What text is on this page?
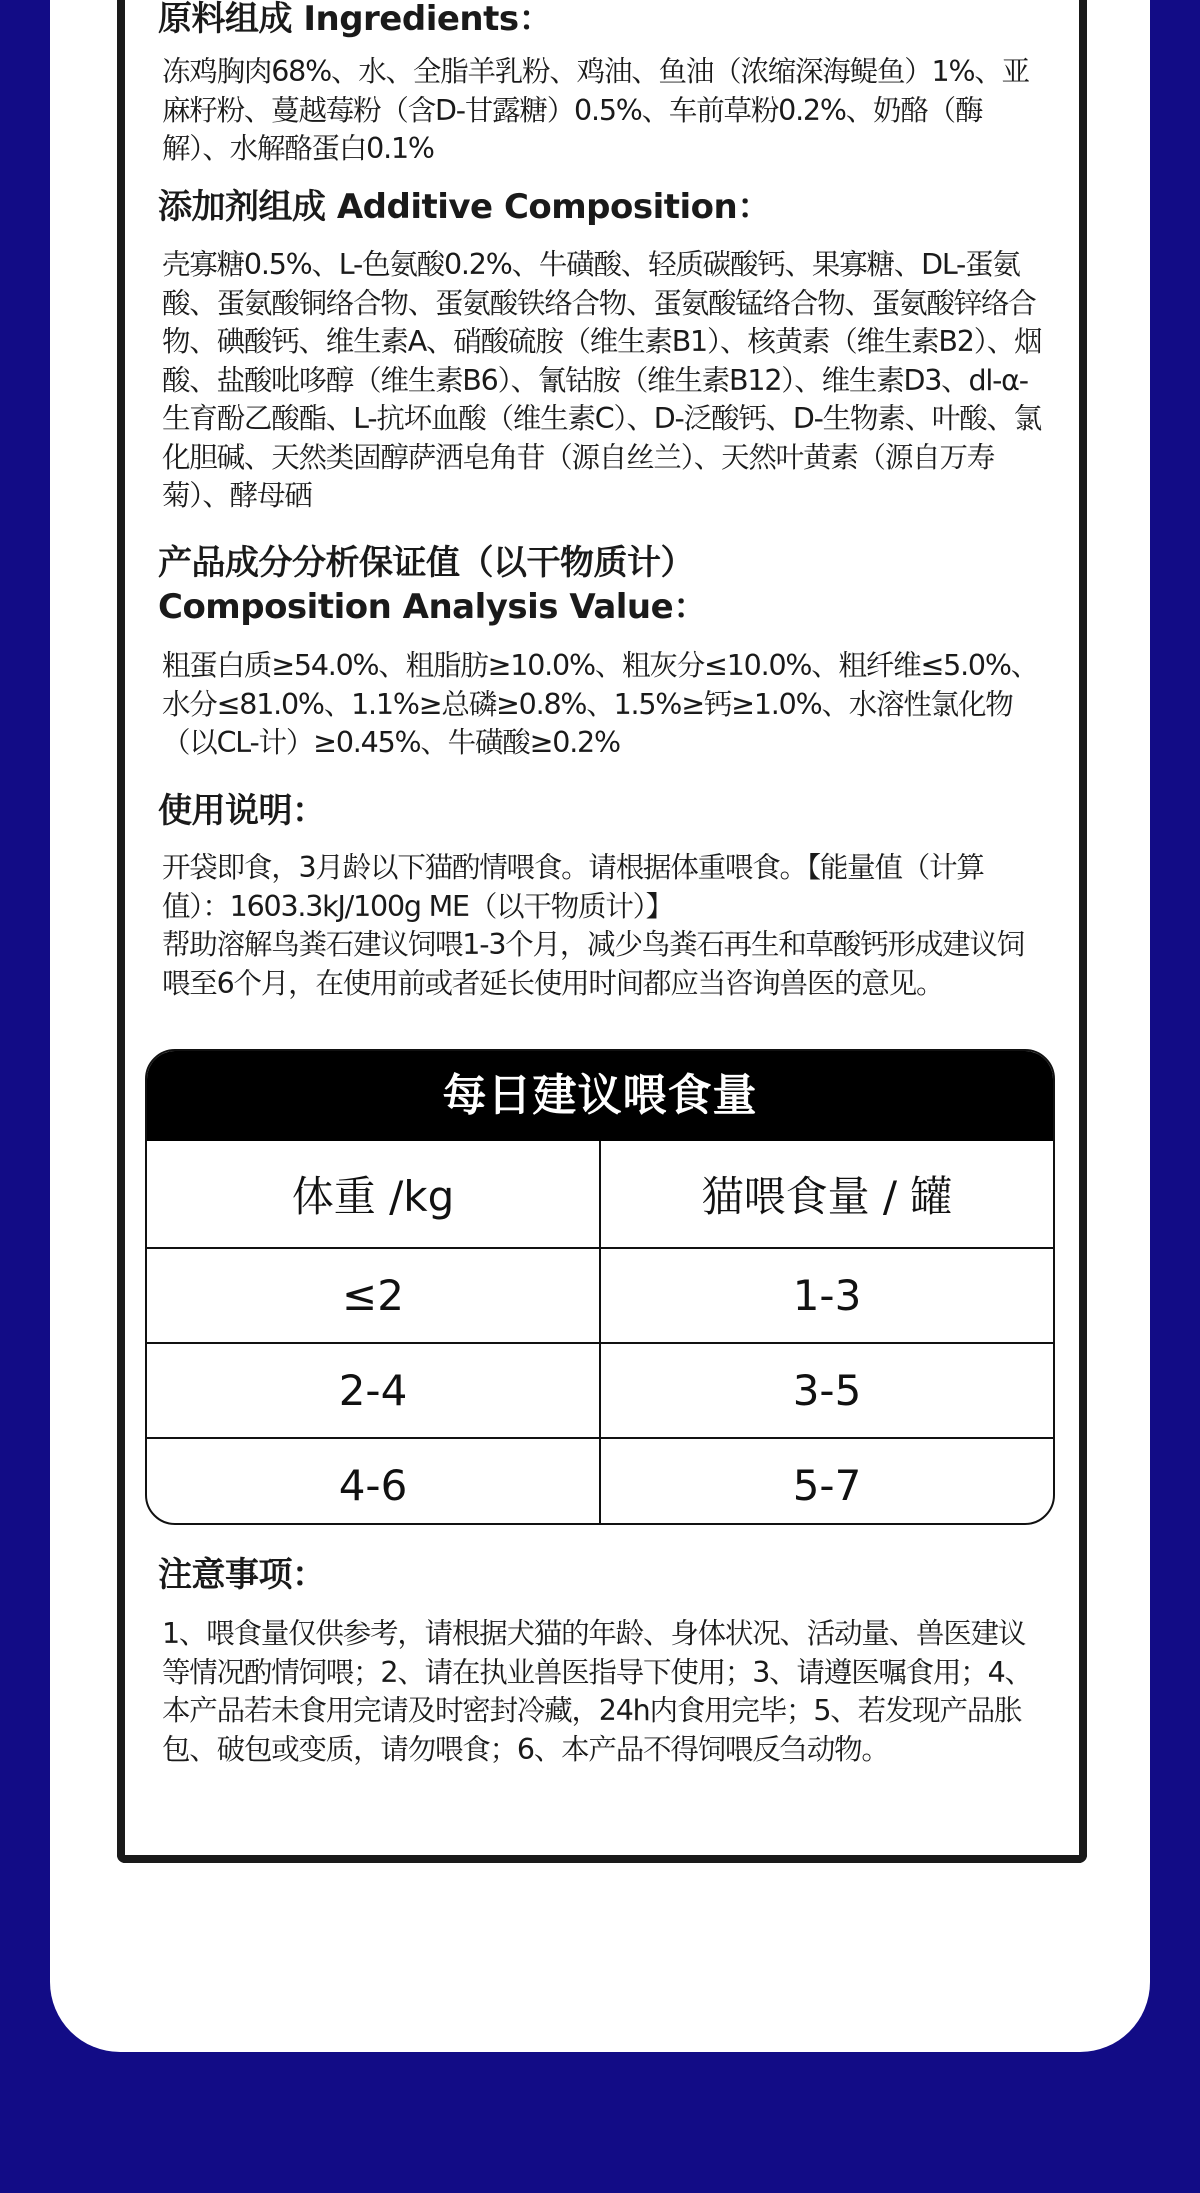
原料组成 Ingredients：

冻鸡胸肉68%、水、全脂羊乳粉、鸡油、鱼油（浓缩深海鳀鱼）1%、亚麻籽粉、蔓越莓粉（含D-甘露糖）0.5%、车前草粉0.2%、奶酪（酶解）、水解酪蛋白0.1%

添加剂组成 Additive Composition：

壳寡糖0.5%、L-色氨酸0.2%、牛磺酸、轻质碳酸钙、果寡糖、DL-蛋氨酸、蛋氨酸铜络合物、蛋氨酸铁络合物、蛋氨酸锰络合物、蛋氨酸锌络合物、碘酸钙、维生素A、硝酸硫胺（维生素B1）、核黄素（维生素B2）、烟酸、盐酸吡哆醇（维生素B6）、氰钴胺（维生素B12）、维生素D3、dl-α-生育酚乙酸酯、L-抗坏血酸（维生素C）、D-泛酸钙、D-生物素、叶酸、氯化胆碱、天然类固醇萨洒皂角苷（源自丝兰）、天然叶黄素（源自万寿菊）、酵母硒

产品成分分析保证值（以干物质计）
Composition Analysis Value：

粗蛋白质≥54.0%、粗脂肪≥10.0%、粗灰分≤10.0%、粗纤维≤5.0%、水分≤81.0%、1.1%≥总磷≥0.8%、1.5%≥钙≥1.0%、水溶性氯化物（以CL-计）≥0.45%、牛磺酸≥0.2%

使用说明：

开袋即食，3月龄以下猫酌情喂食。请根据体重喂食。【能量值（计算值）：1603.3kJ/100g ME（以干物质计）】

帮助溶解鸟粪石建议饲喂1-3个月，减少鸟粪石再生和草酸钙形成建议饲喂至6个月，在使用前或者延长使用时间都应当咨询兽医的意见。

每日建议喂食量
体重 /kg	猫喂食量 / 罐
≤2	1-3
2-4	3-5
4-6	5-7
注意事项：

1、喂食量仅供参考，请根据犬猫的年龄、身体状况、活动量、兽医建议等情况酌情饲喂；2、请在执业兽医指导下使用；3、请遵医嘱食用；4、本产品若未食用完请及时密封冷藏，24h内食用完毕；5、若发现产品胀包、破包或变质，请勿喂食；6、本产品不得饲喂反刍动物。
